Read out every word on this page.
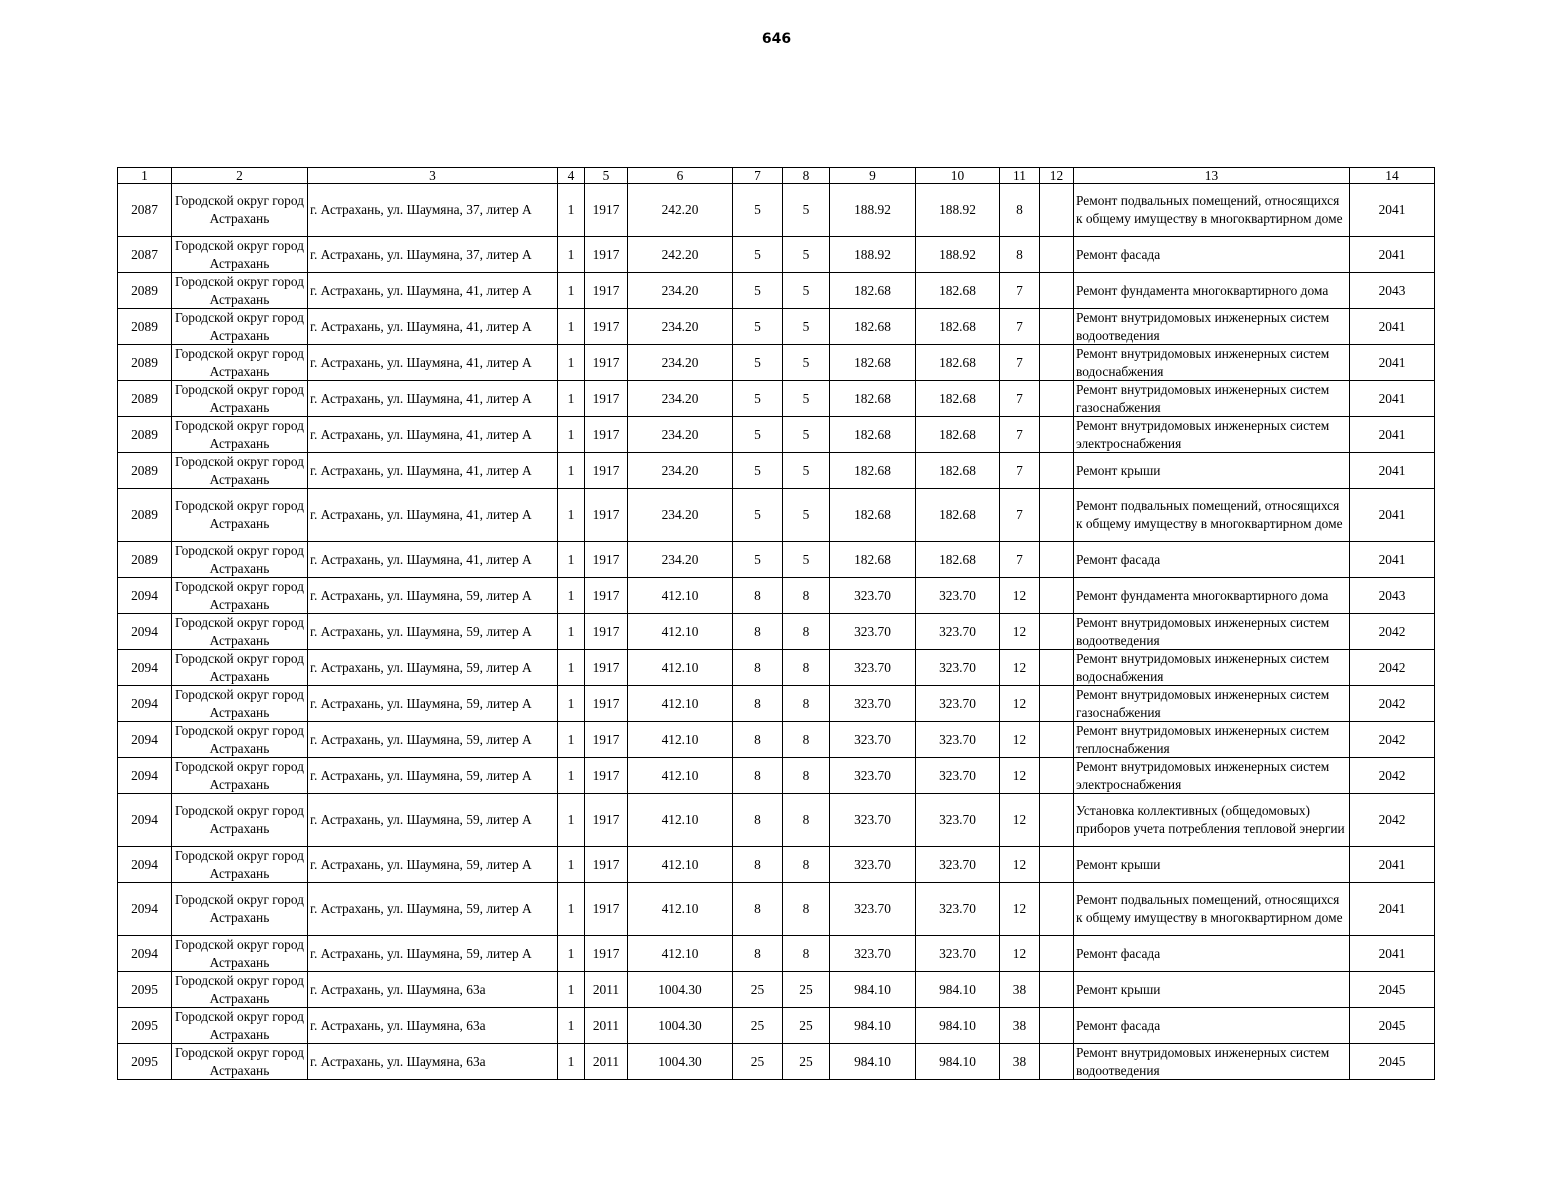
646
1	2	3	4	5	6	7	8	9	10	11	12	13	14

2087	Городской округ город Астрахань	г. Астрахань, ул. Шаумяна, 37, литер А	1	1917	242.20	5	5	188.92	188.92	8		Ремонт подвальных помещений, относящихся к общему имуществу в многоквартирном доме	2041

2087	Городской округ город Астрахань	г. Астрахань, ул. Шаумяна, 37, литер А	1	1917	242.20	5	5	188.92	188.92	8		Ремонт фасада	2041

2089	Городской округ город Астрахань	г. Астрахань, ул. Шаумяна, 41, литер А	1	1917	234.20	5	5	182.68	182.68	7		Ремонт фундамента многоквартирного дома	2043

2089	Городской округ город Астрахань	г. Астрахань, ул. Шаумяна, 41, литер А	1	1917	234.20	5	5	182.68	182.68	7		Ремонт внутридомовых инженерных систем водоотведения	2041

2089	Городской округ город Астрахань	г. Астрахань, ул. Шаумяна, 41, литер А	1	1917	234.20	5	5	182.68	182.68	7		Ремонт внутридомовых инженерных систем водоснабжения	2041

2089	Городской округ город Астрахань	г. Астрахань, ул. Шаумяна, 41, литер А	1	1917	234.20	5	5	182.68	182.68	7		Ремонт внутридомовых инженерных систем газоснабжения	2041

2089	Городской округ город Астрахань	г. Астрахань, ул. Шаумяна, 41, литер А	1	1917	234.20	5	5	182.68	182.68	7		Ремонт внутридомовых инженерных систем электроснабжения	2041

2089	Городской округ город Астрахань	г. Астрахань, ул. Шаумяна, 41, литер А	1	1917	234.20	5	5	182.68	182.68	7		Ремонт крыши	2041

2089	Городской округ город Астрахань	г. Астрахань, ул. Шаумяна, 41, литер А	1	1917	234.20	5	5	182.68	182.68	7		Ремонт подвальных помещений, относящихся к общему имуществу в многоквартирном доме	2041

2089	Городской округ город Астрахань	г. Астрахань, ул. Шаумяна, 41, литер А	1	1917	234.20	5	5	182.68	182.68	7		Ремонт фасада	2041

2094	Городской округ город Астрахань	г. Астрахань, ул. Шаумяна, 59, литер А	1	1917	412.10	8	8	323.70	323.70	12		Ремонт фундамента многоквартирного дома	2043

2094	Городской округ город Астрахань	г. Астрахань, ул. Шаумяна, 59, литер А	1	1917	412.10	8	8	323.70	323.70	12		Ремонт внутридомовых инженерных систем водоотведения	2042

2094	Городской округ город Астрахань	г. Астрахань, ул. Шаумяна, 59, литер А	1	1917	412.10	8	8	323.70	323.70	12		Ремонт внутридомовых инженерных систем водоснабжения	2042

2094	Городской округ город Астрахань	г. Астрахань, ул. Шаумяна, 59, литер А	1	1917	412.10	8	8	323.70	323.70	12		Ремонт внутридомовых инженерных систем газоснабжения	2042

2094	Городской округ город Астрахань	г. Астрахань, ул. Шаумяна, 59, литер А	1	1917	412.10	8	8	323.70	323.70	12		Ремонт внутридомовых инженерных систем теплоснабжения	2042

2094	Городской округ город Астрахань	г. Астрахань, ул. Шаумяна, 59, литер А	1	1917	412.10	8	8	323.70	323.70	12		Ремонт внутридомовых инженерных систем электроснабжения	2042

2094	Городской округ город Астрахань	г. Астрахань, ул. Шаумяна, 59, литер А	1	1917	412.10	8	8	323.70	323.70	12		Установка коллективных (общедомовых) приборов учета потребления тепловой энергии	2042

2094	Городской округ город Астрахань	г. Астрахань, ул. Шаумяна, 59, литер А	1	1917	412.10	8	8	323.70	323.70	12		Ремонт крыши	2041

2094	Городской округ город Астрахань	г. Астрахань, ул. Шаумяна, 59, литер А	1	1917	412.10	8	8	323.70	323.70	12		Ремонт подвальных помещений, относящихся к общему имуществу в многоквартирном доме	2041

2094	Городской округ город Астрахань	г. Астрахань, ул. Шаумяна, 59, литер А	1	1917	412.10	8	8	323.70	323.70	12		Ремонт фасада	2041

2095	Городской округ город Астрахань	г. Астрахань, ул. Шаумяна, 63а	1	2011	1004.30	25	25	984.10	984.10	38		Ремонт крыши	2045

2095	Городской округ город Астрахань	г. Астрахань, ул. Шаумяна, 63а	1	2011	1004.30	25	25	984.10	984.10	38		Ремонт фасада	2045

2095	Городской округ город Астрахань	г. Астрахань, ул. Шаумяна, 63а	1	2011	1004.30	25	25	984.10	984.10	38		Ремонт внутридомовых инженерных систем водоотведения	2045
